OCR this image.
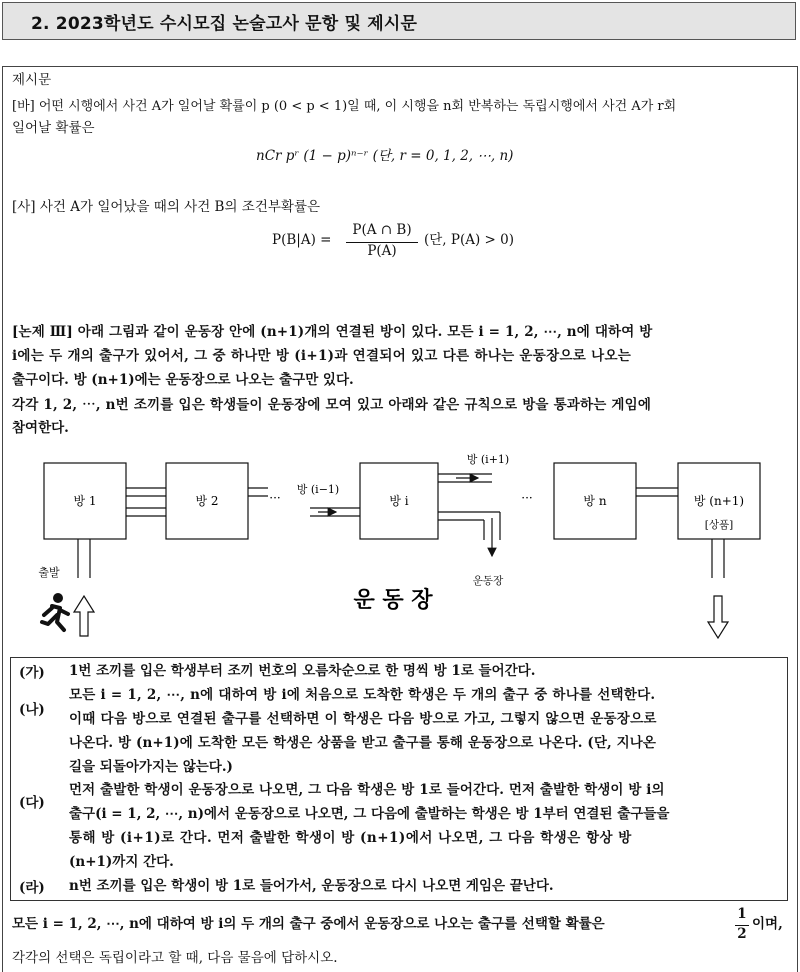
2. 2023학년도 수시모집 논술고사 문항 및 제시문
제시문
[바] 어떤 시행에서 사건 A가 일어날 확률이 p (0 < p < 1)일 때, 이 시행을 n회 반복하는 독립시행에서 사건 A가 r회
일어날 확률은
nCr pʳ (1 − p)ⁿ⁻ʳ (단, r = 0, 1, 2, ⋯, n)
[사] 사건 A가 일어났을 때의 사건 B의 조건부확률은
P(B|A) =
P(A ∩ B)
P(A)
(단, P(A) > 0)
[논제 Ⅲ] 아래 그림과 같이 운동장 안에 (n+1)개의 연결된 방이 있다. 모든 i = 1, 2, ⋯, n에 대하여 방
i에는 두 개의 출구가 있어서, 그 중 하나만 방 (i+1)과 연결되어 있고 다른 하나는 운동장으로 나오는
출구이다. 방 (n+1)에는 운동장으로 나오는 출구만 있다.
각각 1, 2, ⋯, n번 조끼를 입은 학생들이 운동장에 모여 있고 아래와 같은 규칙으로 방을 통과하는 게임에
참여한다.
방 1	방 2	···
방 (i−1)
방 i
방 (i+1)
운동장
···	방 n	방 (n+1)
[상품]
출발
운 동 장
(가) 1번 조끼를 입은 학생부터 조끼 번호의 오름차순으로 한 명씩 방 1로 들어간다.
(나)
모든 i = 1, 2, ⋯, n에 대하여 방 i에 처음으로 도착한 학생은 두 개의 출구 중 하나를 선택한다.
이때 다음 방으로 연결된 출구를 선택하면 이 학생은 다음 방으로 가고, 그렇지 않으면 운동장으로
나온다. 방 (n+1)에 도착한 모든 학생은 상품을 받고 출구를 통해 운동장으로 나온다. (단, 지나온
길을 되돌아가지는 않는다.)
(다)
먼저 출발한 학생이 운동장으로 나오면, 그 다음 학생은 방 1로 들어간다. 먼저 출발한 학생이 방 i의
출구(i = 1, 2, ⋯, n)에서 운동장으로 나오면, 그 다음에 출발하는 학생은 방 1부터 연결된 출구들을
통해 방 (i+1)로 간다. 먼저 출발한 학생이 방 (n+1)에서 나오면, 그 다음 학생은 항상 방
(n+1)까지 간다.
(라) n번 조끼를 입은 학생이 방 1로 들어가서, 운동장으로 다시 나오면 게임은 끝난다.
모든 i = 1, 2, ⋯, n에 대하여 방 i의 두 개의 출구 중에서 운동장으로 나오는 출구를 선택할 확률은
1
2
이며,
각각의 선택은 독립이라고 할 때, 다음 물음에 답하시오.
